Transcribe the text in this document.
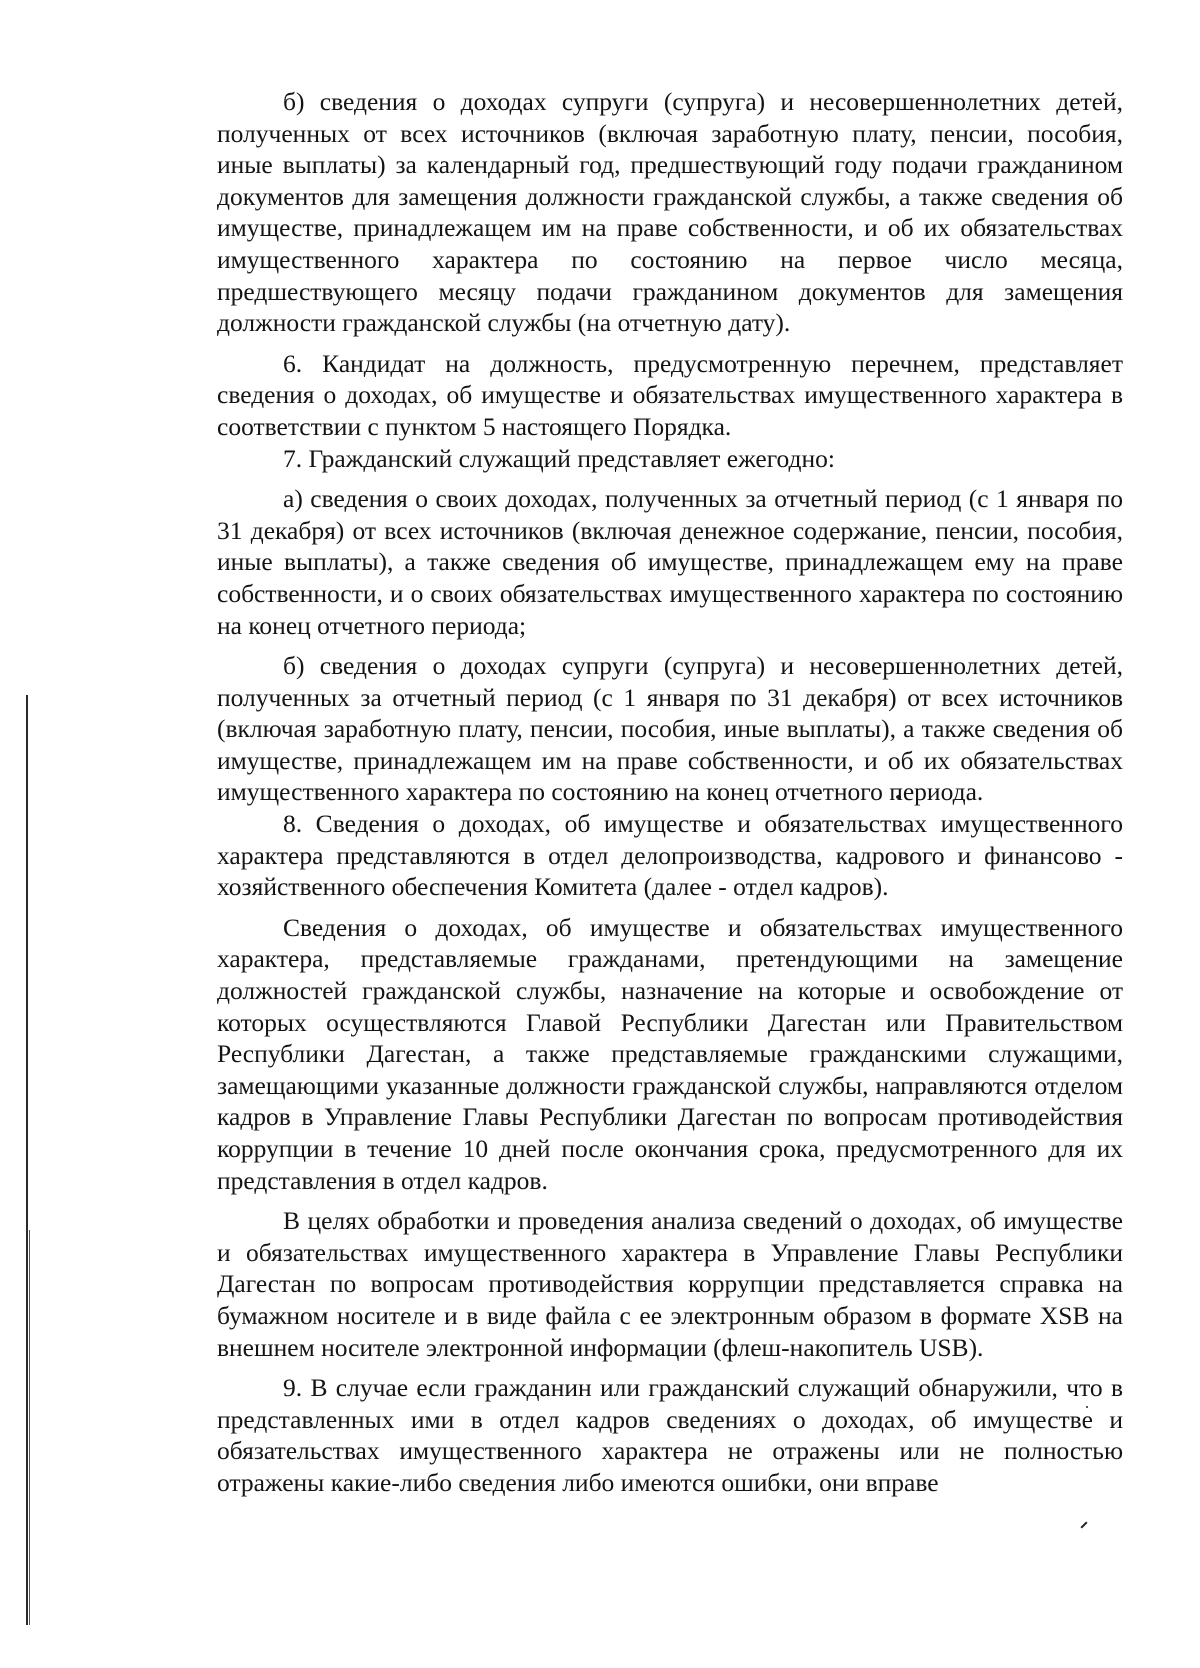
б) сведения о доходах супруги (супруга) и несовершеннолетних детей, полученных от всех источников (включая заработную плату, пенсии, пособия, иные выплаты) за календарный год, предшествующий году подачи гражданином документов для замещения должности гражданской службы, а также сведения об имуществе, принадлежащем им на праве собственности, и об их обязательствах имущественного характера по состоянию на первое число месяца, предшествующего месяцу подачи гражданином документов для замещения должности гражданской службы (на отчетную дату).

6. Кандидат на должность, предусмотренную перечнем, представляет сведения о доходах, об имуществе и обязательствах имущественного характера в соответствии с пунктом 5 настоящего Порядка.

7. Гражданский служащий представляет ежегодно:

а) сведения о своих доходах, полученных за отчетный период (с 1 января по 31 декабря) от всех источников (включая денежное содержание, пенсии, пособия, иные выплаты), а также сведения об имуществе, принадлежащем ему на праве собственности, и о своих обязательствах имущественного характера по состоянию на конец отчетного периода;

б) сведения о доходах супруги (супруга) и несовершеннолетних детей, полученных за отчетный период (с 1 января по 31 декабря) от всех источников (включая заработную плату, пенсии, пособия, иные выплаты), а также сведения об имуществе, принадлежащем им на праве собственности, и об их обязательствах имущественного характера по состоянию на конец отчетного периода.

8. Сведения о доходах, об имуществе и обязательствах имущественного характера представляются в отдел делопроизводства, кадрового и финансово - хозяйственного обеспечения Комитета (далее - отдел кадров).

Сведения о доходах, об имуществе и обязательствах имущественного характера, представляемые гражданами, претендующими на замещение должностей гражданской службы, назначение на которые и освобождение от которых осуществляются Главой Республики Дагестан или Правительством Республики Дагестан, а также представляемые гражданскими служащими, замещающими указанные должности гражданской службы, направляются отделом кадров в Управление Главы Республики Дагестан по вопросам противодействия коррупции в течение 10 дней после окончания срока, предусмотренного для их представления в отдел кадров.

В целях обработки и проведения анализа сведений о доходах, об имуществе и обязательствах имущественного характера в Управление Главы Республики Дагестан по вопросам противодействия коррупции представляется справка на бумажном носителе и в виде файла с ее электронным образом в формате XSB на внешнем носителе электронной информации (флеш-накопитель USB).

9. В случае если гражданин или гражданский служащий обнаружили, что в представленных ими в отдел кадров сведениях о доходах, об имуществе и обязательствах имущественного характера не отражены или не полностью отражены какие-либо сведения либо имеются ошибки, они вправе
